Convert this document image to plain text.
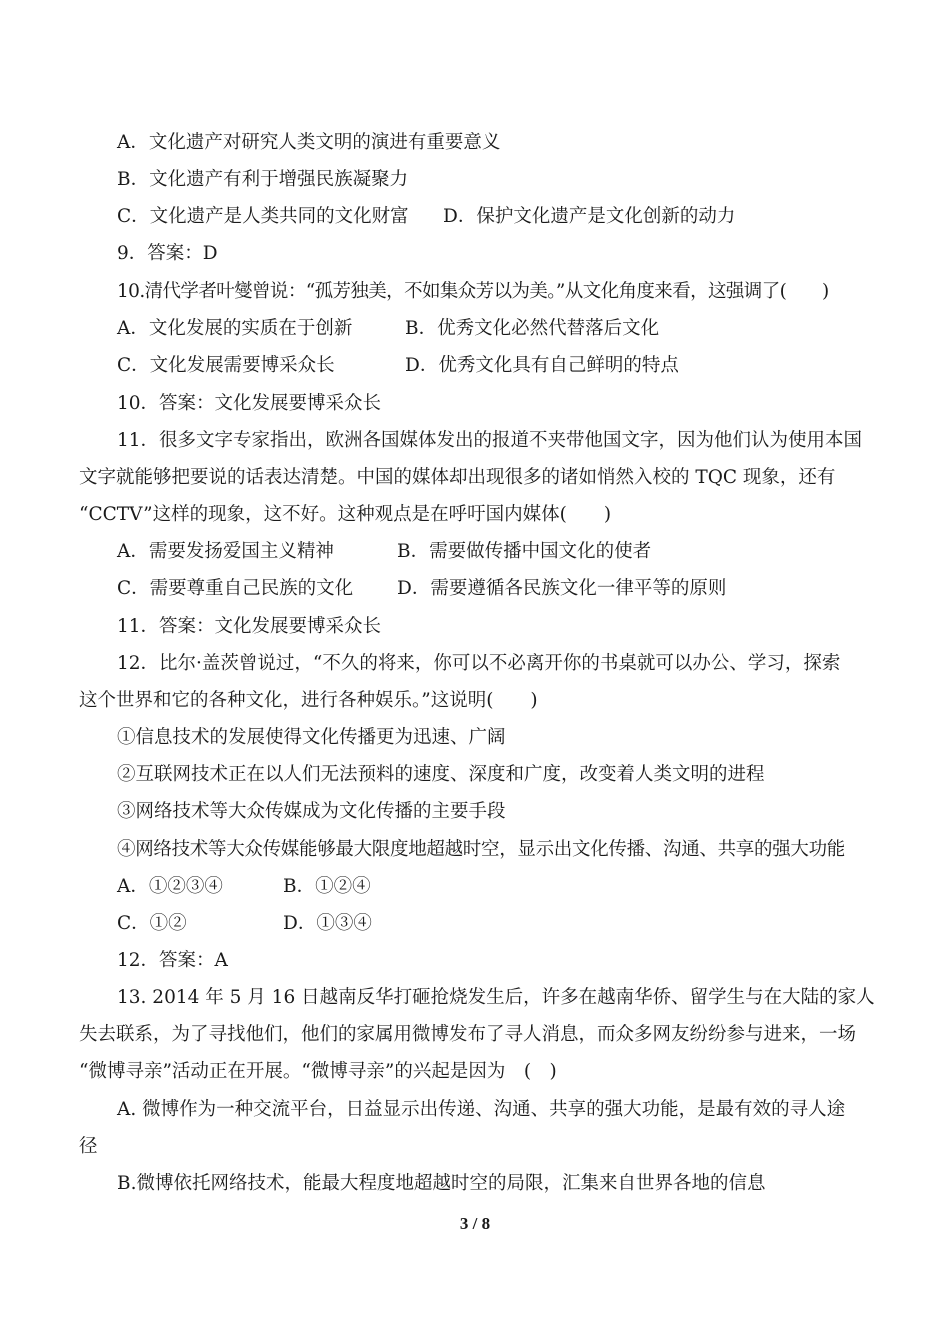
A．文化遗产对研究人类文明的演进有重要意义
B．文化遗产有利于增强民族凝聚力
C．文化遗产是人类共同的文化财富 D．保护文化遗产是文化创新的动力
9．答案：D
10.清代学者叶燮曾说：“孤芳独美，不如集众芳以为美。”从文化角度来看，这强调了(　　)
A．文化发展的实质在于创新	B．优秀文化必然代替落后文化
C．文化发展需要博采众长	D．优秀文化具有自己鲜明的特点
10．答案：文化发展要博采众长
11．很多文字专家指出，欧洲各国媒体发出的报道不夹带他国文字，因为他们认为使用本国
文字就能够把要说的话表达清楚。中国的媒体却出现很多的诸如悄然入校的 TQC 现象，还有
“CCTV”这样的现象，这不好。这种观点是在呼吁国内媒体(　　)
A．需要发扬爱国主义精神	B．需要做传播中国文化的使者
C．需要尊重自己民族的文化 D．需要遵循各民族文化一律平等的原则
11．答案：文化发展要博采众长
12．比尔·盖茨曾说过，“不久的将来，你可以不必离开你的书桌就可以办公、学习，探索
这个世界和它的各种文化，进行各种娱乐。”这说明(　　)
①信息技术的发展使得文化传播更为迅速、广阔
②互联网技术正在以人们无法预料的速度、深度和广度，改变着人类文明的进程
③网络技术等大众传媒成为文化传播的主要手段
④网络技术等大众传媒能够最大限度地超越时空，显示出文化传播、沟通、共享的强大功能
A．①②③④	B．①②④
C．①②	D．①③④
12．答案：A
13. 2014 年 5 月 16 日越南反华打砸抢烧发生后，许多在越南华侨、留学生与在大陆的家人
失去联系，为了寻找他们，他们的家属用微博发布了寻人消息，而众多网友纷纷参与进来，一场
“微博寻亲”活动正在开展。“微博寻亲”的兴起是因为　(　)
A. 微博作为一种交流平台，日益显示出传递、沟通、共享的强大功能，是最有效的寻人途
径
B.微博依托网络技术，能最大程度地超越时空的局限，汇集来自世界各地的信息
3 / 8
